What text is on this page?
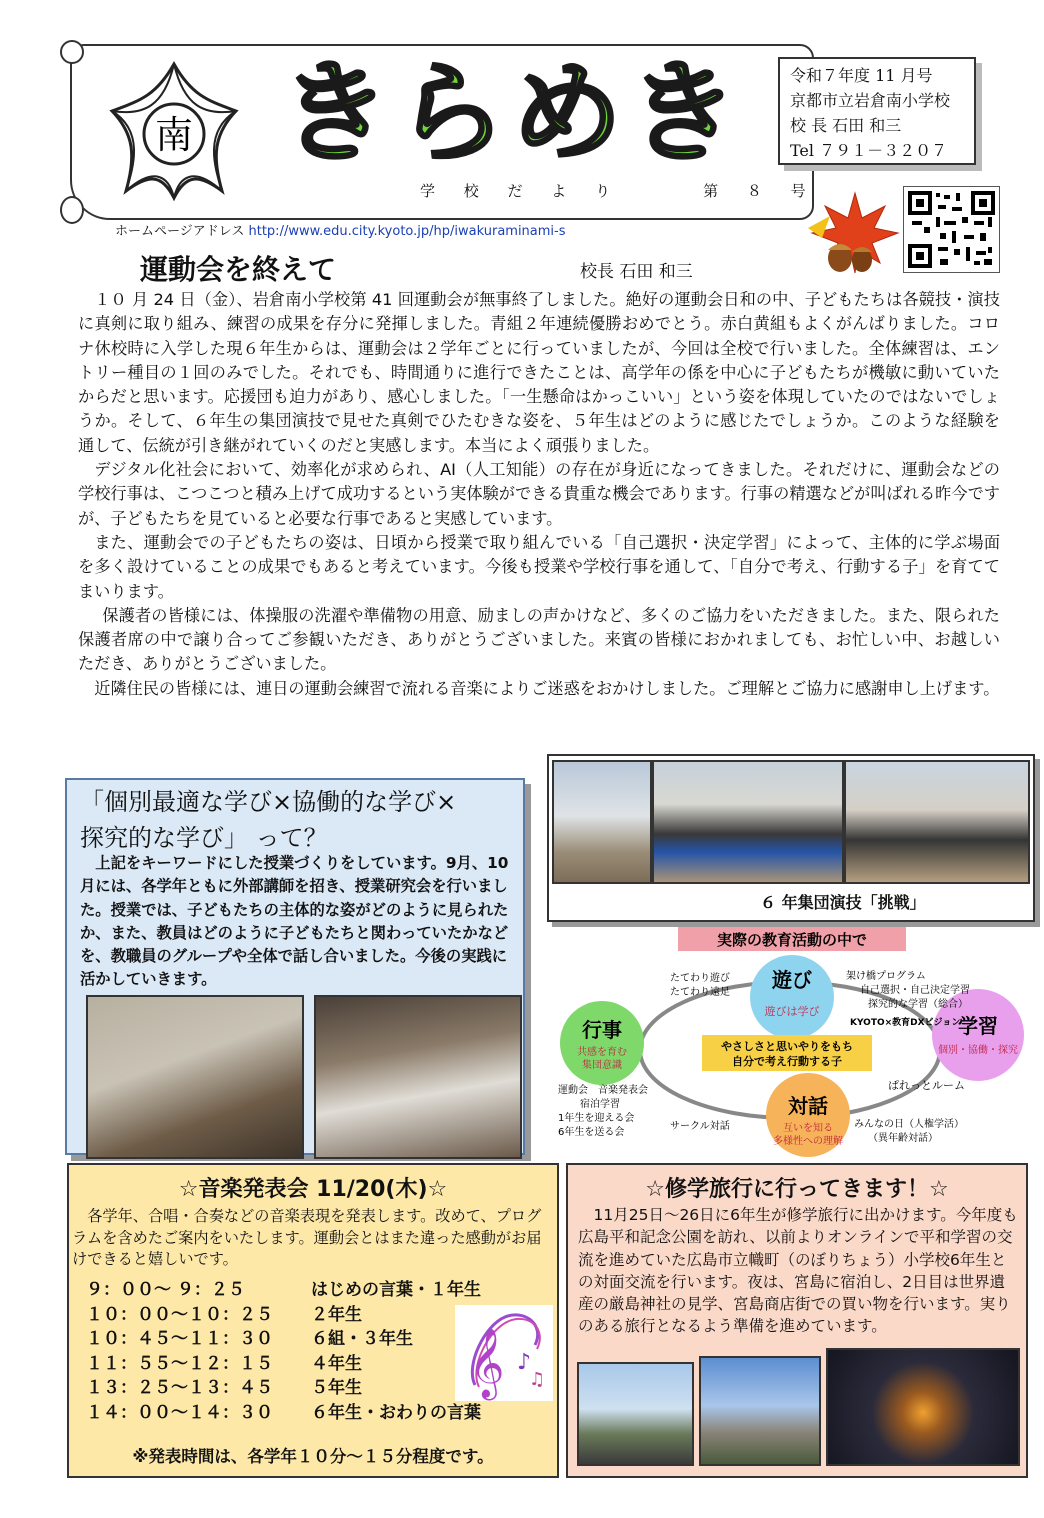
南 きらめき
学 校 だ よ り　　　第 ８ 号
令和７年度 11 月号
京都市立岩倉南小学校
校 長 石田 和三
Tel ７９１－３２０７
ホームページアドレス http://www.edu.city.kyoto.jp/hp/iwakuraminami-s
運動会を終えて	校長 石田 和三

１０ 月 24 日（金）、岩倉南小学校第 41 回運動会が無事終了しました。絶好の運動会日和の中、子どもたちは各競技・演技に真剣に取り組み、練習の成果を存分に発揮しました。青組２年連続優勝おめでとう。赤白黄組もよくがんばりました。コロナ休校時に入学した現６年生からは、運動会は２学年ごとに行っていましたが、今回は全校で行いました。全体練習は、エントリー種目の１回のみでした。それでも、時間通りに進行できたことは、高学年の係を中心に子どもたちが機敏に動いていたからだと思います。応援団も迫力があり、感心しました。「一生懸命はかっこいい」という姿を体現していたのではないでしょうか。そして、６年生の集団演技で見せた真剣でひたむきな姿を、５年生はどのように感じたでしょうか。このような経験を通して、伝統が引き継がれていくのだと実感します。本当によく頑張りました。

デジタル化社会において、効率化が求められ、AI（人工知能）の存在が身近になってきました。それだけに、運動会などの学校行事は、こつこつと積み上げて成功するという実体験ができる貴重な機会であります。行事の精選などが叫ばれる昨今ですが、子どもたちを見ていると必要な行事であると実感しています。

また、運動会での子どもたちの姿は、日頃から授業で取り組んでいる「自己選択・決定学習」によって、主体的に学ぶ場面を多く設けていることの成果でもあると考えています。今後も授業や学校行事を通して、「自分で考え、行動する子」を育ててまいります。

保護者の皆様には、体操服の洗濯や準備物の用意、励ましの声かけなど、多くのご協力をいただきました。また、限られた保護者席の中で譲り合ってご参観いただき、ありがとうございました。来賓の皆様におかれましても、お忙しい中、お越しいただき、ありがとうございました。

近隣住民の皆様には、連日の運動会練習で流れる音楽によりご迷惑をおかけしました。ご理解とご協力に感謝申し上げます。

「個別最適な学び×協働的な学び×
探究的な学び」 って？
　上記をキーワードにした授業づくりをしています。9月、10月には、各学年ともに外部講師を招き、授業研究会を行いました。授業では、子どもたちの主体的な姿がどのように見られたか、また、教員はどのように子どもたちと関わっていたかなどを、教職員のグループや全体で話し合いました。今後の実践に活かしていきます。
６ 年集団演技「挑戦」
実際の教育活動の中で
遊び
遊びは学び
行事
共感を育む
集団意識
学習
個別・協働・探究
対話
互いを知る
多様性への理解
やさしさと思いやりをもち
自分で考え行動する子
たてわり遊び
たてわり遠足
架け橋プログラム
自己選択・自己決定学習
探究的な学習（総合）
KYOTO×教育DXビジョン
運動会　音楽発表会
宿泊学習
1年生を迎える会
6年生を送る会
ぱれっとルーム
サークル対話	みんなの日（人権学活）
（異年齢対話）
☆音楽発表会 11/20(木)☆
　各学年、合唱・合奏などの音楽表現を発表します。改めて、プログラムを含めたご案内をいたします。運動会とはまた違った感動がお届けできると嬉しいです。
９：００～ ９：２５	はじめの言葉・１年生
１０：００～１０：２５ ２年生
１０：４５～１１：３０ ６組・３年生
１１：５５～１２：１５ ４年生
１３：２５～１３：４５ ５年生
１４：００～１４：３０ ６年生・おわりの言葉
𝄞 ♪
♫
※発表時間は、各学年１０分～１５分程度です。
☆修学旅行に行ってきます！☆
　11月25日～26日に6年生が修学旅行に出かけます。今年度も広島平和記念公園を訪れ、以前よりオンラインで平和学習の交流を進めていた広島市立幟町（のぼりちょう）小学校6年生との対面交流を行います。夜は、宮島に宿泊し、2日目は世界遺産の厳島神社の見学、宮島商店街での買い物を行います。実りのある旅行となるよう準備を進めています。
